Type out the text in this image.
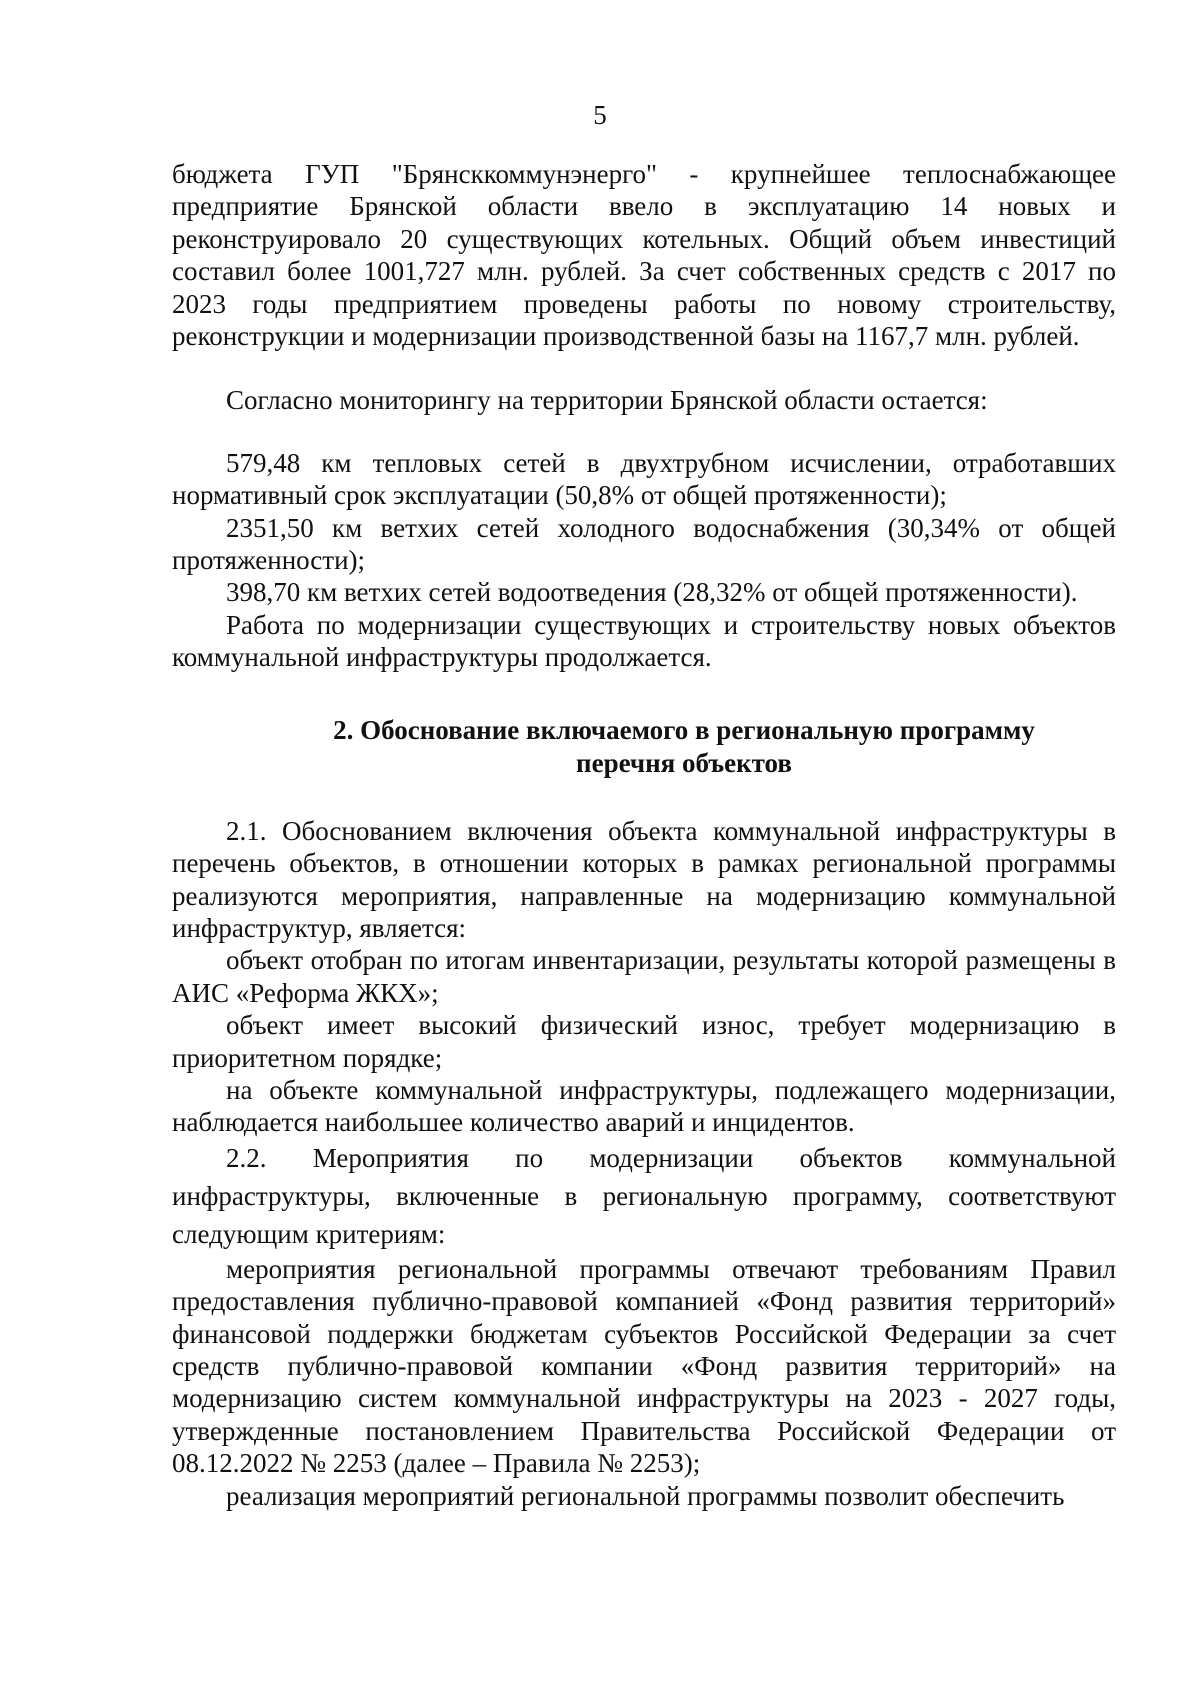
5

бюджета ГУП "Брянсккоммунэнерго" - крупнейшее теплоснабжающее предприятие Брянской области ввело в эксплуатацию 14 новых и реконструировало 20 существующих котельных. Общий объем инвестиций составил более 1001,727 млн. рублей. За счет собственных средств с 2017 по 2023 годы предприятием проведены работы по новому строительству, реконструкции и модернизации производственной базы на 1167,7 млн. рублей.

Согласно мониторингу на территории Брянской области остается:

579,48 км тепловых сетей в двухтрубном исчислении, отработавших нормативный срок эксплуатации (50,8% от общей протяженности);

2351,50 км ветхих сетей холодного водоснабжения (30,34% от общей протяженности);

398,70 км ветхих сетей водоотведения (28,32% от общей протяженности).

Работа по модернизации существующих и строительству новых объектов коммунальной инфраструктуры продолжается.

2. Обоснование включаемого в региональную программу
перечня объектов

2.1. Обоснованием включения объекта коммунальной инфраструктуры в перечень объектов, в отношении которых в рамках региональной программы реализуются мероприятия, направленные на модернизацию коммунальной инфраструктур, является:

объект отобран по итогам инвентаризации, результаты которой размещены в АИС «Реформа ЖКХ»;

объект имеет высокий физический износ, требует модернизацию в приоритетном порядке;

на объекте коммунальной инфраструктуры, подлежащего модернизации, наблюдается наибольшее количество аварий и инцидентов.

2.2. Мероприятия по модернизации объектов коммунальной инфраструктуры, включенные в региональную программу, соответствуют следующим критериям:

мероприятия региональной программы отвечают требованиям Правил предоставления публично-правовой компанией «Фонд развития территорий» финансовой поддержки бюджетам субъектов Российской Федерации за счет средств публично-правовой компании «Фонд развития территорий» на модернизацию систем коммунальной инфраструктуры на 2023 - 2027 годы, утвержденные постановлением Правительства Российской Федерации от 08.12.2022 № 2253 (далее – Правила № 2253);

реализация мероприятий региональной программы позволит обеспечить
